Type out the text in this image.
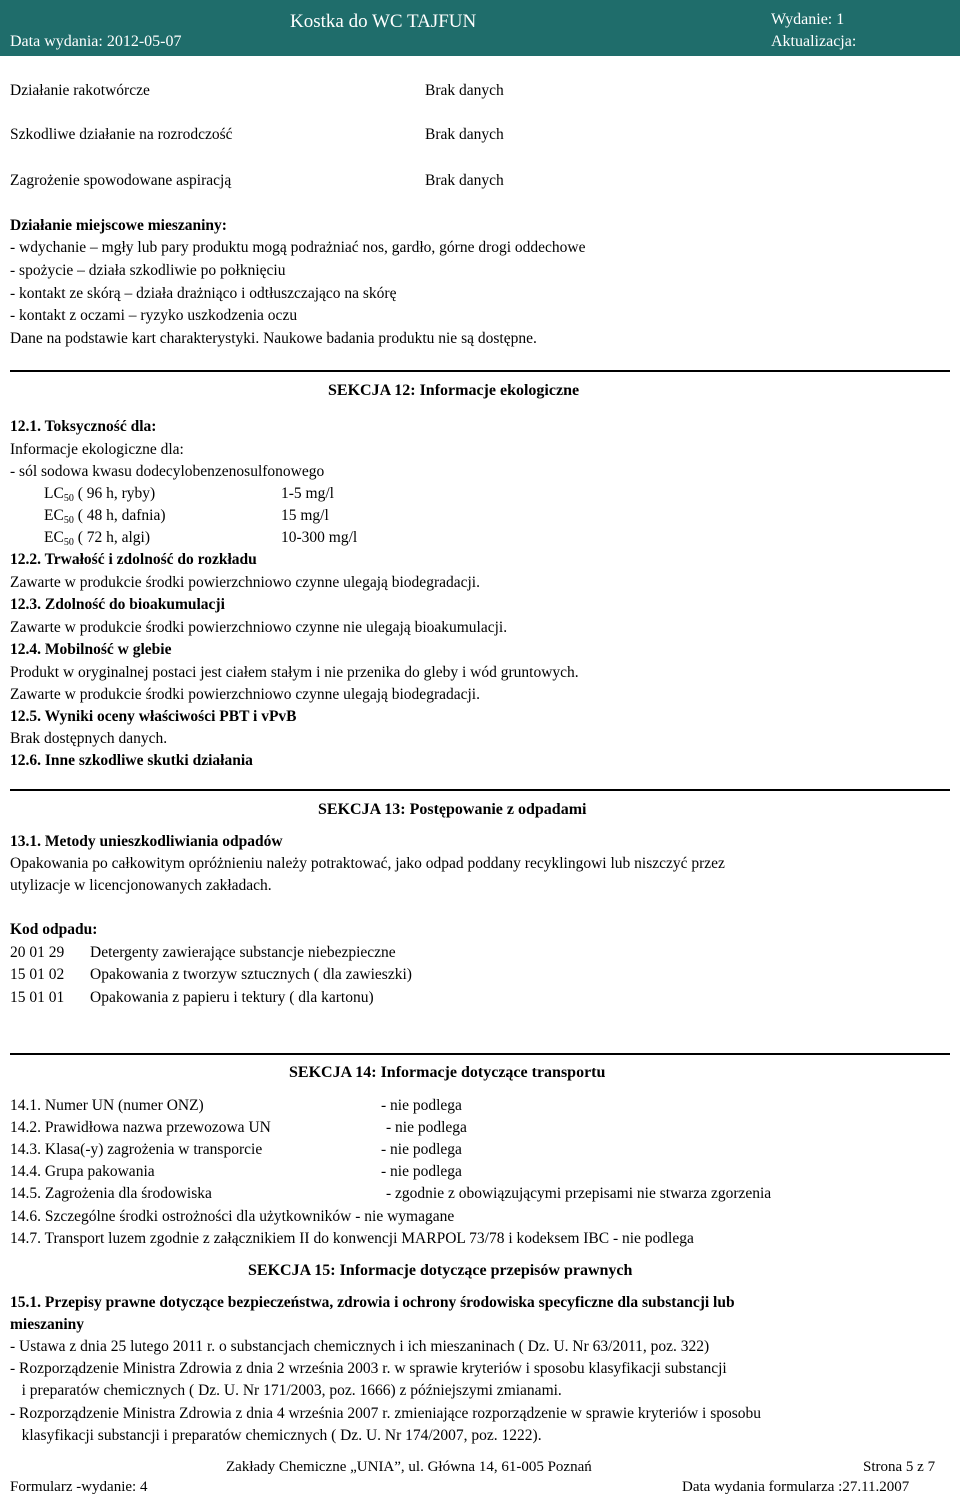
Kostka do WC TAJFUN
Data wydania: 2012-05-07
Wydanie: 1
Aktualizacja:
Działanie rakotwórcze	Brak danych
Szkodliwe działanie na rozrodczość	Brak danych
Zagrożenie spowodowane aspiracją	Brak danych
Działanie miejscowe mieszaniny:
- wdychanie – mgły lub pary produktu mogą podrażniać nos, gardło, górne drogi oddechowe
- spożycie – działa szkodliwie po połknięciu
- kontakt ze skórą – działa drażniąco i odtłuszczająco na skórę
- kontakt z oczami – ryzyko uszkodzenia oczu
Dane na podstawie kart charakterystyki. Naukowe badania produktu nie są dostępne.
SEKCJA 12: Informacje ekologiczne
12.1. Toksyczność dla:
Informacje ekologiczne dla:
- sól sodowa kwasu dodecylobenzenosulfonowego
$LC_{50}$ ( 96 h, ryby)	1-5 mg/l
$EC_{50}$ ( 48 h, dafnia)	15 mg/l
$EC_{50}$ ( 72 h, algi)	10-300 mg/l
12.2. Trwałość i zdolność do rozkładu
Zawarte w produkcie środki powierzchniowo czynne ulegają biodegradacji.
12.3. Zdolność do bioakumulacji
Zawarte w produkcie środki powierzchniowo czynne nie ulegają bioakumulacji.
12.4. Mobilność w glebie
Produkt w oryginalnej postaci jest ciałem stałym i nie przenika do gleby i wód gruntowych.
Zawarte w produkcie środki powierzchniowo czynne ulegają biodegradacji.
12.5. Wyniki oceny właściwości PBT i vPvB
Brak dostępnych danych.
12.6. Inne szkodliwe skutki działania
SEKCJA 13: Postępowanie z odpadami
13.1. Metody unieszkodliwiania odpadów
Opakowania po całkowitym opróżnieniu należy potraktować, jako odpad poddany recyklingowi lub niszczyć przez
utylizacje w licencjonowanych zakładach.
Kod odpadu:
20 01 29 Detergenty zawierające substancje niebezpieczne
15 01 02 Opakowania z tworzyw sztucznych ( dla zawieszki)
15 01 01 Opakowania z papieru i tektury ( dla kartonu)
SEKCJA 14: Informacje dotyczące transportu
14.1. Numer UN (numer ONZ)	- nie podlega
14.2. Prawidłowa nazwa przewozowa UN	- nie podlega
14.3. Klasa(-y) zagrożenia w transporcie	- nie podlega
14.4. Grupa pakowania	- nie podlega
14.5. Zagrożenia dla środowiska	- zgodnie z obowiązującymi przepisami nie stwarza zgorzenia
14.6. Szczególne środki ostrożności dla użytkowników - nie wymagane
14.7. Transport luzem zgodnie z załącznikiem II do konwencji MARPOL 73/78 i kodeksem IBC - nie podlega
SEKCJA 15: Informacje dotyczące przepisów prawnych
15.1. Przepisy prawne dotyczące bezpieczeństwa, zdrowia i ochrony środowiska specyficzne dla substancji lub
mieszaniny
- Ustawa z dnia 25 lutego 2011 r. o substancjach chemicznych i ich mieszaninach ( Dz. U. Nr 63/2011, poz. 322)
- Rozporządzenie Ministra Zdrowia z dnia 2 września 2003 r. w sprawie kryteriów i sposobu klasyfikacji substancji
i preparatów chemicznych ( Dz. U. Nr 171/2003, poz. 1666) z późniejszymi zmianami.
- Rozporządzenie Ministra Zdrowia z dnia 4 września 2007 r. zmieniające rozporządzenie w sprawie kryteriów i sposobu
klasyfikacji substancji i preparatów chemicznych ( Dz. U. Nr 174/2007, poz. 1222).
Zakłady Chemiczne „UNIA”, ul. Główna 14, 61-005 Poznań	Strona 5 z 7
Formularz -wydanie: 4	Data wydania formularza :27.11.2007
